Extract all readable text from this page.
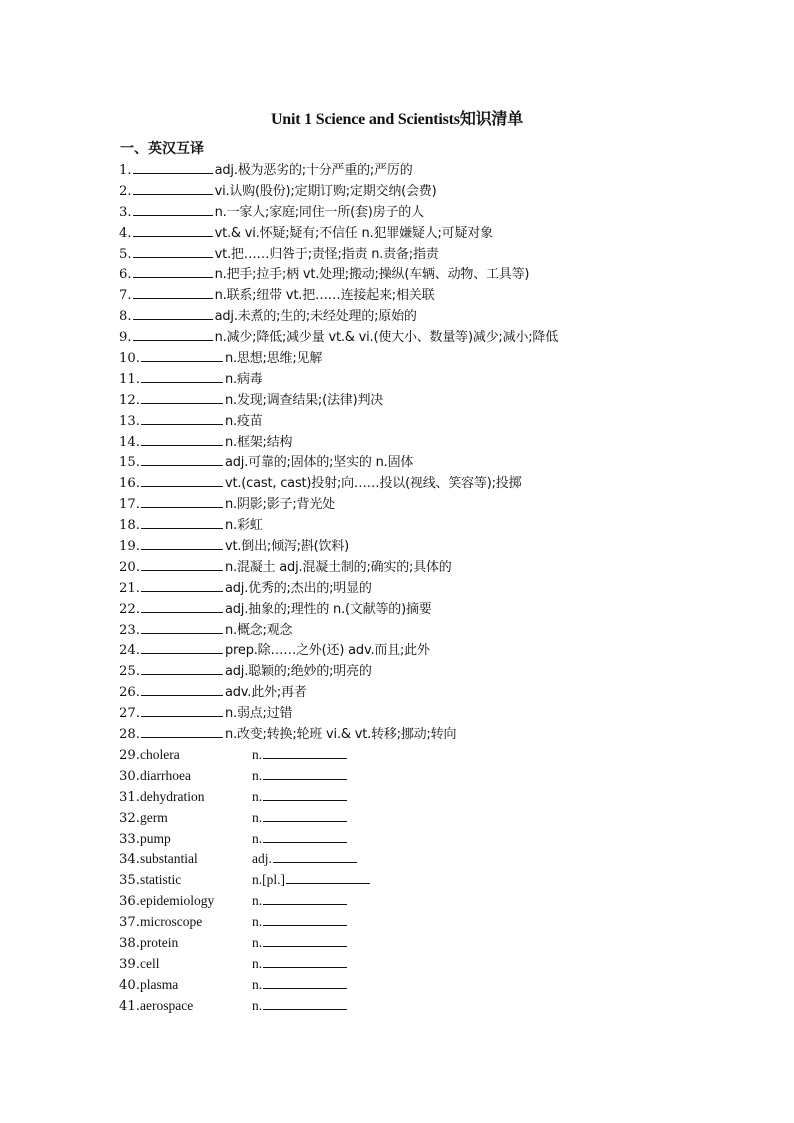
Unit 1 Science and Scientists知识清单
一、英汉互译
1.	adj.极为恶劣的;十分严重的;严厉的
2.	vi.认购(股份);定期订购;定期交纳(会费)
3.	n.一家人;家庭;同住一所(套)房子的人
4.	vt.& vi.怀疑;疑有;不信任 n.犯罪嫌疑人;可疑对象
5.	vt.把……归咎于;责怪;指责 n.责备;指责
6.	n.把手;拉手;柄 vt.处理;搬动;操纵(车辆、动物、工具等)
7.	n.联系;纽带 vt.把……连接起来;相关联
8.	adj.未煮的;生的;未经处理的;原始的
9.	n.减少;降低;减少量 vt.& vi.(使大小、数量等)减少;减小;降低
10.	n.思想;思维;见解
11.	n.病毒
12.	n.发现;调查结果;(法律)判决
13.	n.疫苗
14.	n.框架;结构
15.	adj.可靠的;固体的;坚实的 n.固体
16.	vt.(cast, cast)投射;向……投以(视线、笑容等);投掷
17.	n.阴影;影子;背光处
18.	n.彩虹
19.	vt.倒出;倾泻;斟(饮料)
20.	n.混凝土 adj.混凝土制的;确实的;具体的
21.	adj.优秀的;杰出的;明显的
22.	adj.抽象的;理性的 n.(文献等的)摘要
23.	n.概念;观念
24.	prep.除……之外(还) adv.而且;此外
25.	adj.聪颖的;绝妙的;明亮的
26.	adv.此外;再者
27.	n.弱点;过错
28.	n.改变;转换;轮班 vi.& vt.转移;挪动;转向
29. cholera	n.
30. diarrhoea	n.
31. dehydration	n.
32. germ	n.
33. pump	n.
34. substantial	adj.
35. statistic	n.[pl.]
36. epidemiology	n.
37. microscope	n.
38. protein	n.
39. cell	n.
40. plasma	n.
41. aerospace	n.
